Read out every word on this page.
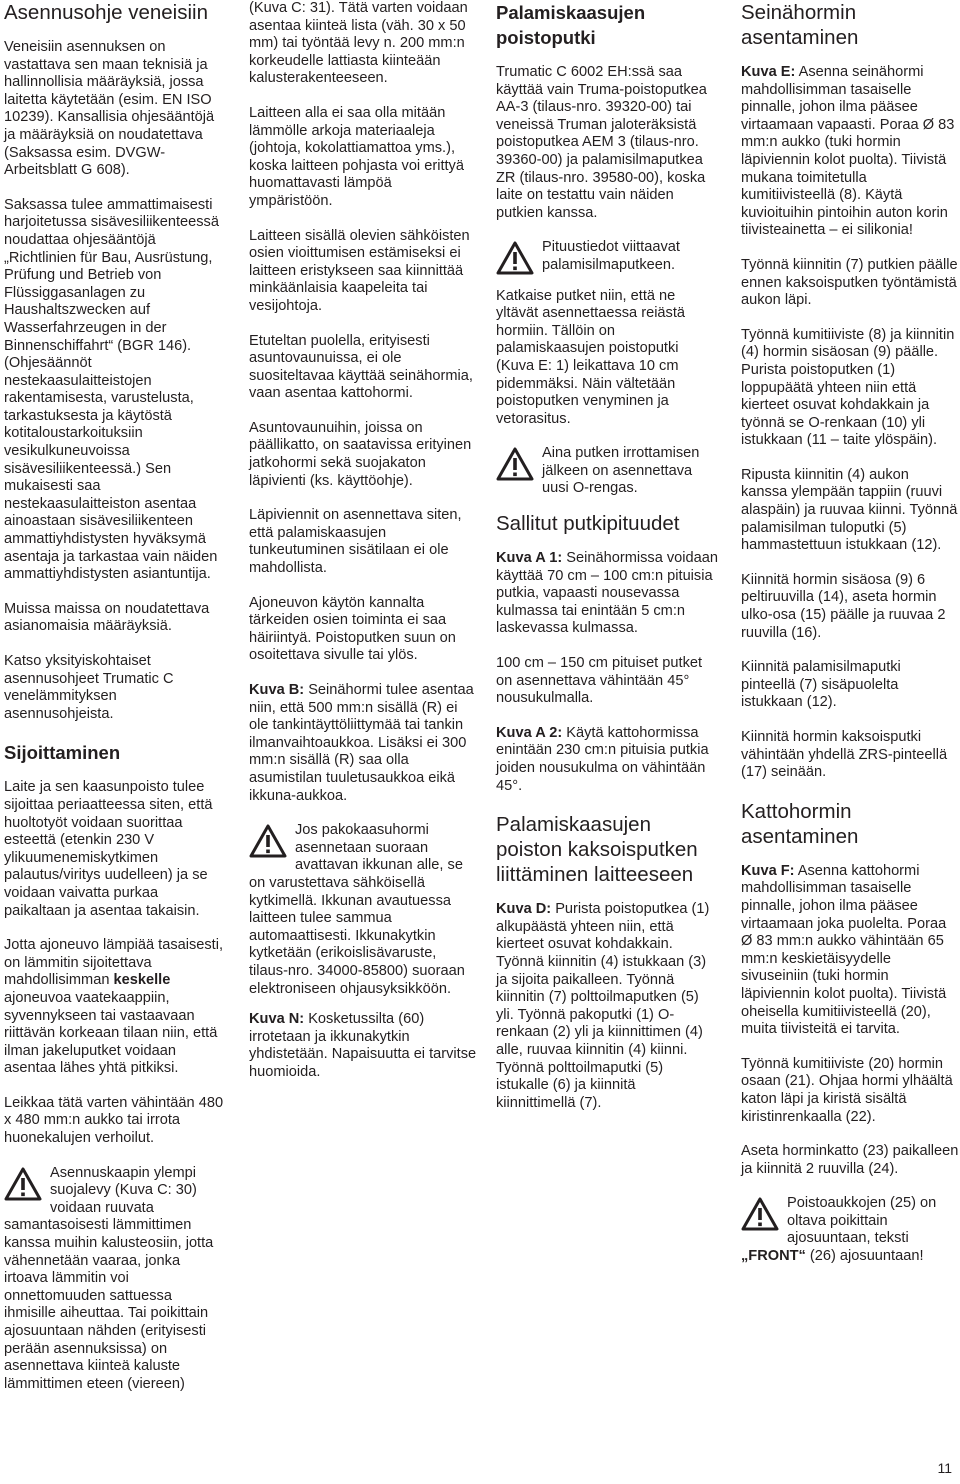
Asennusohje veneisiin

Veneisiin asennuksen on vastattava sen maan teknisiä ja hallinnollisia määräyksiä, jossa laitetta käytetään (esim. EN ISO 10239). Kansallisia ohjesääntöjä ja määräyksiä on noudatettava (Saksassa esim. DVGW-Arbeitsblatt G 608).

Saksassa tulee ammattimaisesti harjoitetussa sisävesiliikenteessä noudattaa ohjesääntöjä „Richtlinien für Bau, Ausrüstung, Prüfung und Betrieb von Flüssiggasanlagen zu Haushaltszwecken auf Wasserfahrzeugen in der Binnenschiffahrt“ (BGR 146). (Ohjesäännöt nestekaasulaitteistojen rakentamisesta, varustelusta, tarkastuksesta ja käytöstä kotitaloustarkoituksiin vesikulkuneuvoissa sisävesiliikenteessä.) Sen mukaisesti saa nestekaasulaitteiston asentaa ainoastaan sisävesiliikenteen ammattiyhdistysten hyväksymä asentaja ja tarkastaa vain näiden ammattiyhdistysten asiantuntija.

Muissa maissa on noudatettava asianomaisia määräyksiä.

Katso yksityiskohtaiset asennusohjeet Trumatic C venelämmityksen asennusohjeista.

Sijoittaminen

Laite ja sen kaasunpoisto tulee sijoittaa periaatteessa siten, että huoltotyöt voidaan suorittaa esteettä (etenkin 230 V ylikuumenemiskytkimen palautus/viritys uudelleen) ja se voidaan vaivatta purkaa paikaltaan ja asentaa takaisin.

Jotta ajoneuvo lämpiää tasaisesti, on lämmitin sijoitettava mahdollisimman keskelle ajoneuvoa vaatekaappiin, syvennykseen tai vastaavaan riittävän korkeaan tilaan niin, että ilman jakeluputket voidaan asentaa lähes yhtä pitkiksi.

Leikkaa tätä varten vähintään 480 x 480 mm:n aukko tai irrota huonekalujen verhoilut.

Asennuskaapin ylempi suojalevy (Kuva C: 30) voidaan ruuvata samantasoisesti lämmittimen kanssa muihin kalusteosiin, jotta vähennetään vaaraa, jonka irtoava lämmitin voi onnettomuuden sattuessa ihmisille aiheuttaa. Tai poikittain ajosuuntaan nähden (erityisesti perään asennuksissa) on asennettava kiinteä kaluste lämmittimen eteen (viereen)

(Kuva C: 31). Tätä varten voidaan asentaa kiinteä lista (väh. 30 x 50 mm) tai työntää levy n. 200 mm:n korkeudelle lattiasta kiinteään kalusterakenteeseen.

Laitteen alla ei saa olla mitään lämmölle arkoja materiaaleja (johtoja, kokolattiamattoa yms.), koska laitteen pohjasta voi erittyä huomattavasti lämpöä ympäristöön.

Laitteen sisällä olevien sähköisten osien vioittumisen estämiseksi ei laitteen eristykseen saa kiinnittää minkäänlaisia kaapeleita tai vesijohtoja.

Etuteltan puolella, erityisesti asuntovaunuissa, ei ole suositeltavaa käyttää seinähormia, vaan asentaa kattohormi.

Asuntovaunuihin, joissa on päällikatto, on saatavissa erityinen jatkohormi sekä suojakaton läpivienti (ks. käyttöohje).

Läpiviennit on asennettava siten, että palamiskaasujen tunkeutuminen sisätilaan ei ole mahdollista.

Ajoneuvon käytön kannalta tärkeiden osien toiminta ei saa häiriintyä. Poistoputken suun on osoitettava sivulle tai ylös.

Kuva B: Seinähormi tulee asentaa niin, että 500 mm:n sisällä (R) ei ole tankintäyttöliittymää tai tankin ilmanvaihtoaukkoa. Lisäksi ei 300 mm:n sisällä (R) saa olla asumistilan tuuletusaukkoa eikä ikkuna-aukkoa.

Jos pakokaasuhormi asennetaan suoraan avattavan ikkunan alle, se on varustettava sähköisellä kytkimellä. Ikkunan avautuessa laitteen tulee sammua automaattisesti. Ikkunakytkin kytketään (erikoislisävaruste, tilaus-nro. 34000-85800) suoraan elektroniseen ohjausyksikköön.

Kuva N: Kosketussilta (60) irrotetaan ja ikkunakytkin yhdistetään. Napaisuutta ei tarvitse huomioida.

Palamiskaasujen poistoputki

Trumatic C 6002 EH:ssä saa käyttää vain Truma-poistoputkea AA-3 (tilaus-nro. 39320-00) tai veneissä Truman jaloteräksistä poistoputkea AEM 3 (tilaus-nro. 39360-00) ja palamisilmaputkea ZR (tilaus-nro. 39580-00), koska laite on testattu vain näiden putkien kanssa.

Pituustiedot viittaavat palamisilmaputkeen.

Katkaise putket niin, että ne yltävät asennettaessa reiästä hormiin. Tällöin on palamiskaasujen poistoputki (Kuva E: 1) leikattava 10 cm pidemmäksi. Näin vältetään poistoputken venyminen ja vetorasitus.

Aina putken irrottamisen jälkeen on asennettava uusi O-rengas.
Sallitut putkipituudet

Kuva A 1: Seinähormissa voidaan käyttää 70 cm – 100 cm:n pituisia putkia, vapaasti nousevassa kulmassa tai enintään 5 cm:n laskevassa kulmassa.

100 cm – 150 cm pituiset putket on asennettava vähintään 45° nousukulmalla.

Kuva A 2: Käytä kattohormissa enintään 230 cm:n pituisia putkia joiden nousukulma on vähintään 45°.

Palamiskaasujen poiston kaksoisputken liittäminen laitteeseen

Kuva D: Purista poistoputkea (1) alkupäästä yhteen niin, että kierteet osuvat kohdakkain. Työnnä kiinnitin (4) istukkaan (3) ja sijoita paikalleen. Työnnä kiinnitin (7) polttoilmaputken (5) yli. Työnnä pakoputki (1) O-renkaan (2) yli ja kiinnittimen (4) alle, ruuvaa kiinnitin (4) kiinni. Työnnä polttoilmaputki (5) istukalle (6) ja kiinnitä kiinnittimellä (7).

Seinähormin asentaminen

Kuva E: Asenna seinähormi mahdollisimman tasaiselle pinnalle, johon ilma pääsee virtaamaan vapaasti. Poraa Ø 83 mm:n aukko (tuki hormin läpiviennin kolot puolta). Tiivistä mukana toimitetulla kumitiivisteellä (8). Käytä kuvioituihin pintoihin auton korin tiivisteainetta – ei silikonia!

Työnnä kiinnitin (7) putkien päälle ennen kaksoisputken työntämistä aukon läpi.

Työnnä kumitiiviste (8) ja kiinnitin (4) hormin sisäosan (9) päälle. Purista poistoputken (1) loppupäätä yhteen niin että kierteet osuvat kohdakkain ja työnnä se O-renkaan (10) yli istukkaan (11 – taite ylöspäin).

Ripusta kiinnitin (4) aukon kanssa ylempään tappiin (ruuvi alaspäin) ja ruuvaa kiinni. Työnnä palamisilman tuloputki (5) hammastettuun istukkaan (12).

Kiinnitä hormin sisäosa (9) 6 peltiruuvilla (14), aseta hormin ulko-osa (15) päälle ja ruuvaa 2 ruuvilla (16).

Kiinnitä palamisilmaputki pinteellä (7) sisäpuolelta istukkaan (12).

Kiinnitä hormin kaksoisputki vähintään yhdellä ZRS-pinteellä (17) seinään.

Kattohormin asentaminen

Kuva F: Asenna kattohormi mahdollisimman tasaiselle pinnalle, johon ilma pääsee virtaamaan joka puolelta. Poraa Ø 83 mm:n aukko vähintään 65 mm:n keskietäisyydelle sivuseiniin (tuki hormin läpiviennin kolot puolta). Tiivistä oheisella kumitiivisteellä (20), muita tiivisteitä ei tarvita.

Työnnä kumitiiviste (20) hormin osaan (21). Ohjaa hormi ylhäältä katon läpi ja kiristä sisältä kiristinrenkaalla (22).

Aseta horminkatto (23) paikalleen ja kiinnitä 2 ruuvilla (24).

Poistoaukkojen (25) on oltava poikittain ajosuuntaan, teksti „FRONT“ (26) ajosuuntaan!
11
